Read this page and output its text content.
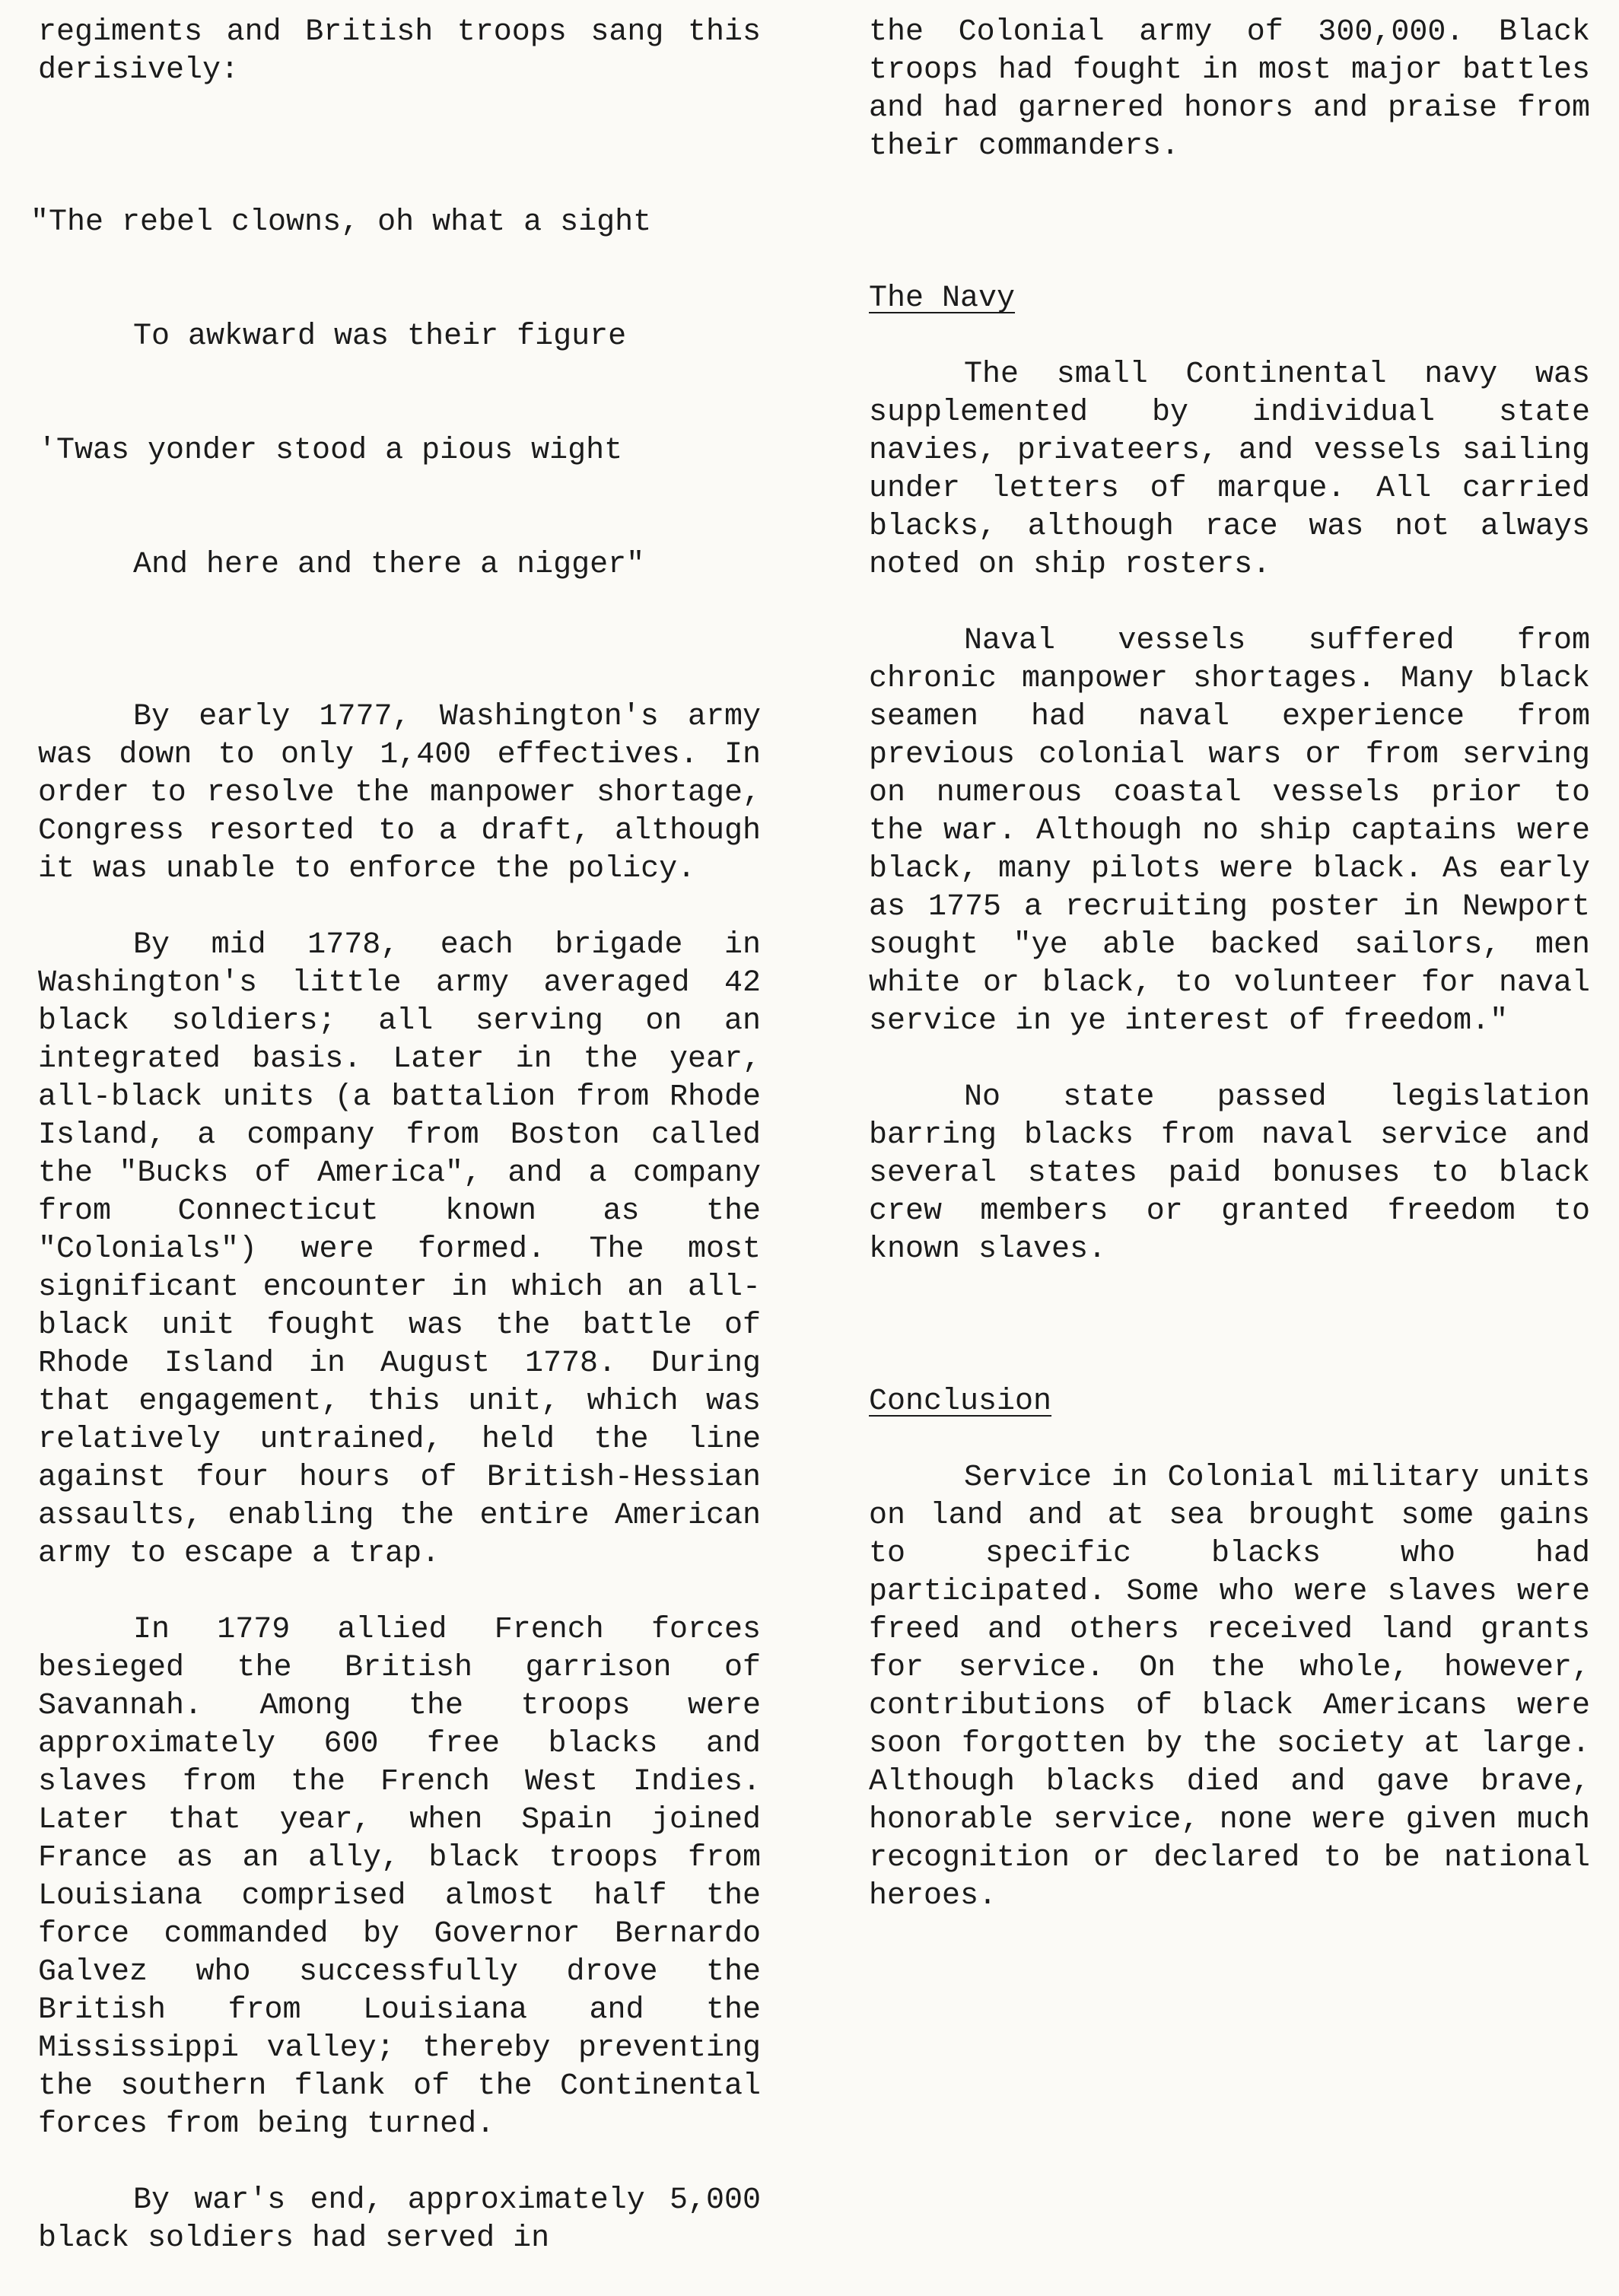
regiments and British troops sang this derisively:

"The rebel clowns, oh what a sight

To awkward was their figure

'Twas yonder stood a pious wight

And here and there a nigger"

By early 1777, Washington's army was down to only 1,400 effectives. In order to resolve the manpower shortage, Congress resorted to a draft, although it was unable to enforce the policy.

By mid 1778, each brigade in Washington's little army averaged 42 black soldiers; all serving on an integrated basis. Later in the year, all-black units (a battalion from Rhode Island, a company from Boston called the "Bucks of America", and a company from Connecticut known as the "Colonials") were formed. The most significant encounter in which an all-black unit fought was the battle of Rhode Island in August 1778. During that engagement, this unit, which was relatively untrained, held the line against four hours of British-Hessian assaults, enabling the entire American army to escape a trap.

In 1779 allied French forces besieged the British garrison of Savannah. Among the troops were approximately 600 free blacks and slaves from the French West Indies. Later that year, when Spain joined France as an ally, black troops from Louisiana comprised almost half the force commanded by Governor Bernardo Galvez who successfully drove the British from Louisiana and the Mississippi valley; thereby preventing the southern flank of the Continental forces from being turned.

By war's end, approximately 5,000 black soldiers had served in

the Colonial army of 300,000. Black troops had fought in most major battles and had garnered honors and praise from their commanders.

The Navy

The small Continental navy was supplemented by individual state navies, privateers, and vessels sailing under letters of marque. All carried blacks, although race was not always noted on ship rosters.

Naval vessels suffered from chronic manpower shortages. Many black seamen had naval experience from previous colonial wars or from serving on numerous coastal vessels prior to the war. Although no ship captains were black, many pilots were black. As early as 1775 a recruiting poster in Newport sought "ye able backed sailors, men white or black, to volunteer for naval service in ye interest of freedom."

No state passed legislation barring blacks from naval service and several states paid bonuses to black crew members or granted freedom to known slaves.

Conclusion

Service in Colonial military units on land and at sea brought some gains to specific blacks who had participated. Some who were slaves were freed and others received land grants for service. On the whole, however, contributions of black Americans were soon forgotten by the society at large. Although blacks died and gave brave, honorable service, none were given much recognition or declared to be national heroes.
